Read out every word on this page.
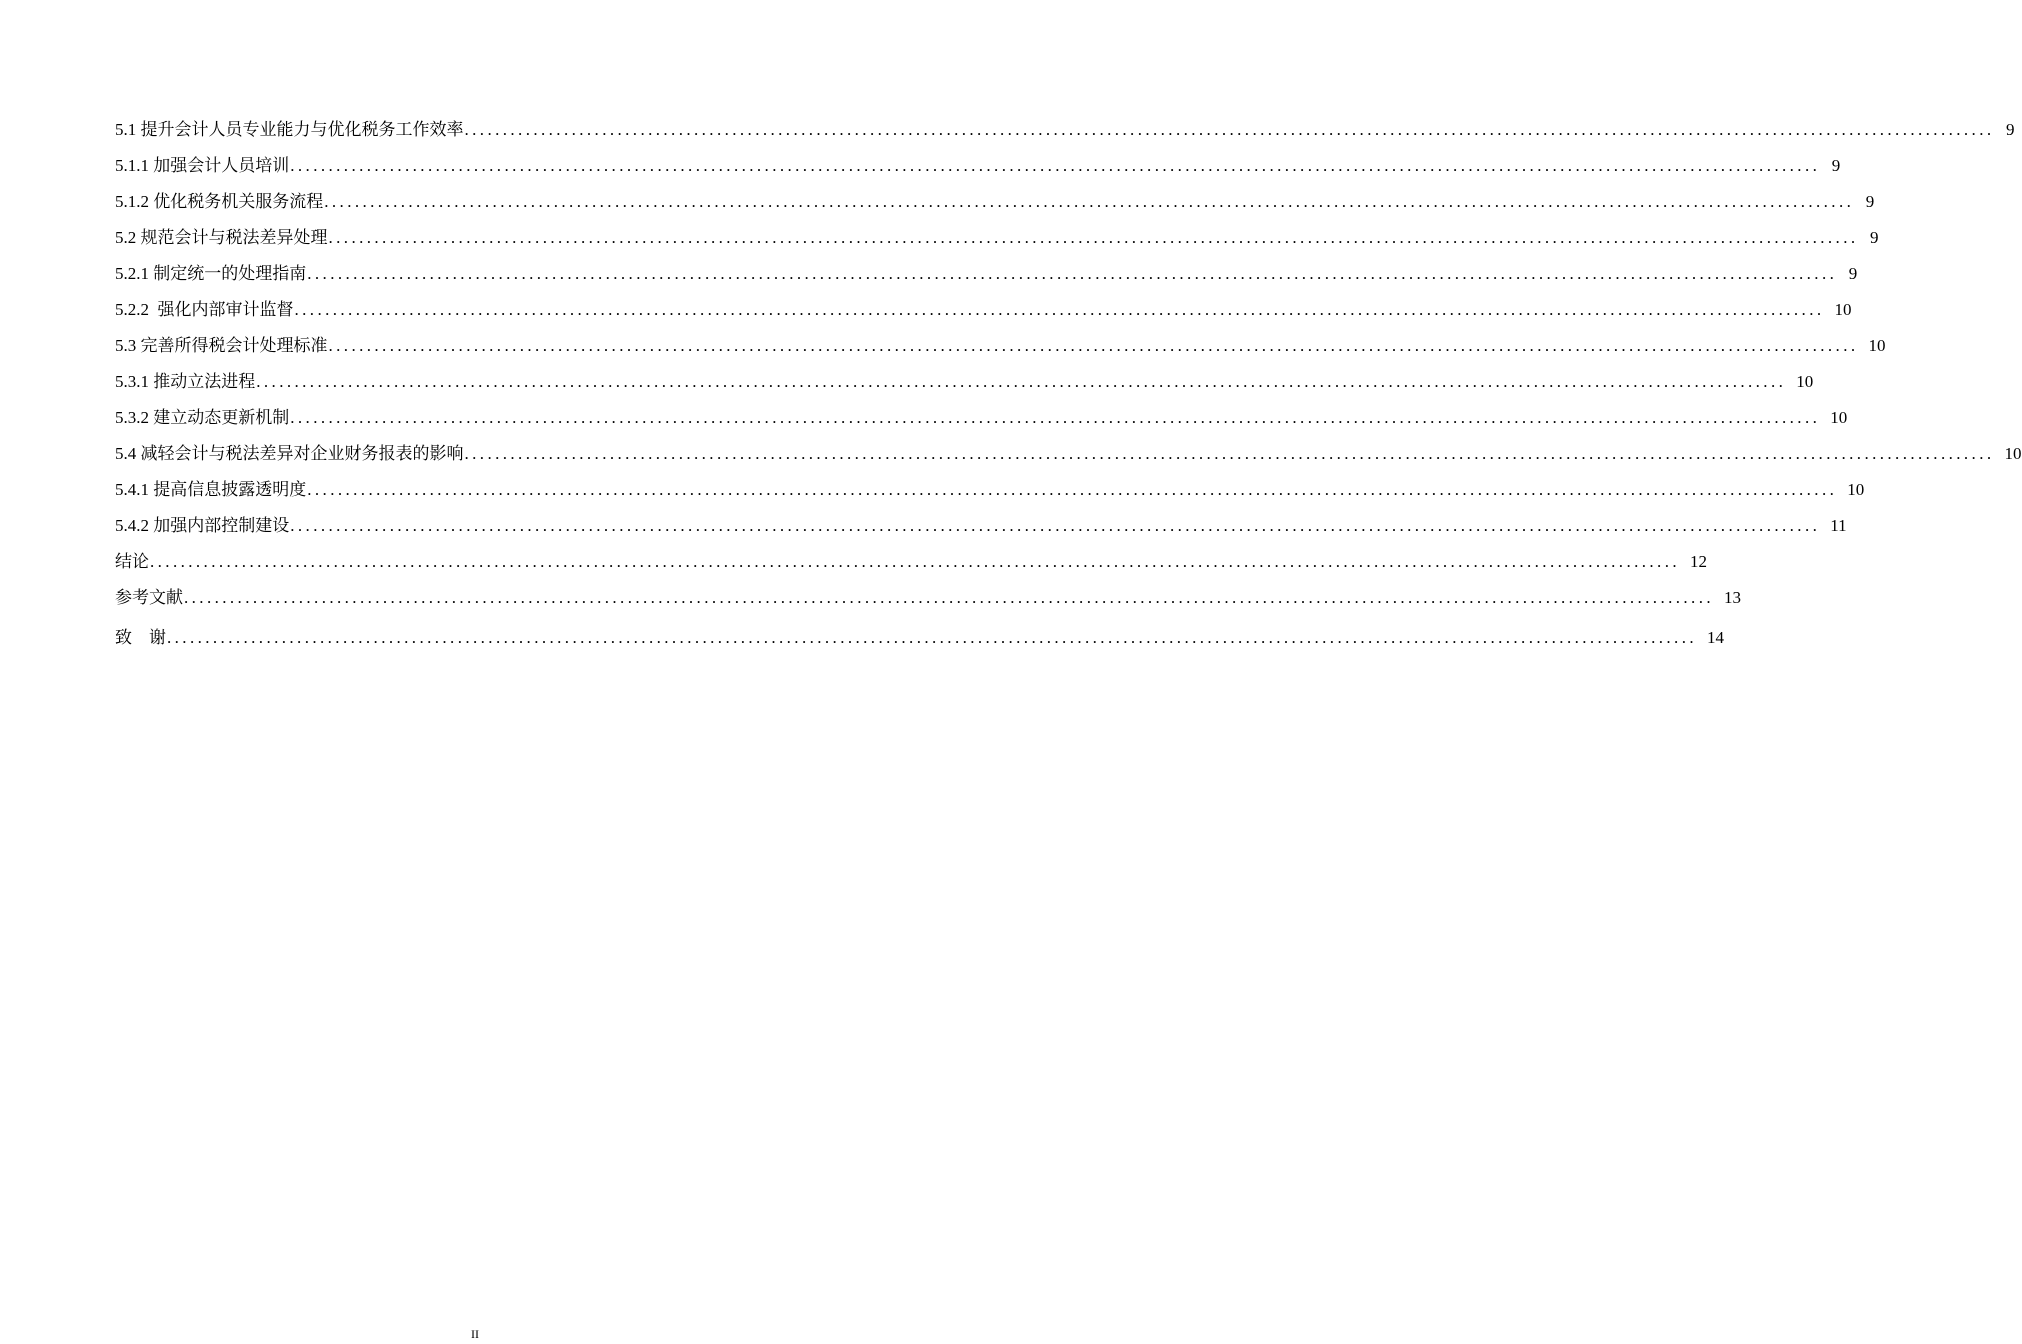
5.1 提升会计人员专业能力与优化税务工作效率 ........................................................................................................................................................................................................ 9
5.1.1 加强会计人员培训 ........................................................................................................................................................................................................ 9
5.1.2 优化税务机关服务流程 ........................................................................................................................................................................................................ 9
5.2 规范会计与税法差异处理 ........................................................................................................................................................................................................ 9
5.2.1 制定统一的处理指南 ........................................................................................................................................................................................................ 9
5.2.2  强化内部审计监督 ........................................................................................................................................................................................................ 10
5.3 完善所得税会计处理标准 ........................................................................................................................................................................................................ 10
5.3.1 推动立法进程 ........................................................................................................................................................................................................ 10
5.3.2 建立动态更新机制 ........................................................................................................................................................................................................ 10
5.4 减轻会计与税法差异对企业财务报表的影响 ........................................................................................................................................................................................................ 10
5.4.1 提高信息披露透明度 ........................................................................................................................................................................................................ 10
5.4.2 加强内部控制建设 ........................................................................................................................................................................................................ 11
结论 ........................................................................................................................................................................................................ 12
参考文献 ........................................................................................................................................................................................................ 13
致　谢 ........................................................................................................................................................................................................ 14
II
